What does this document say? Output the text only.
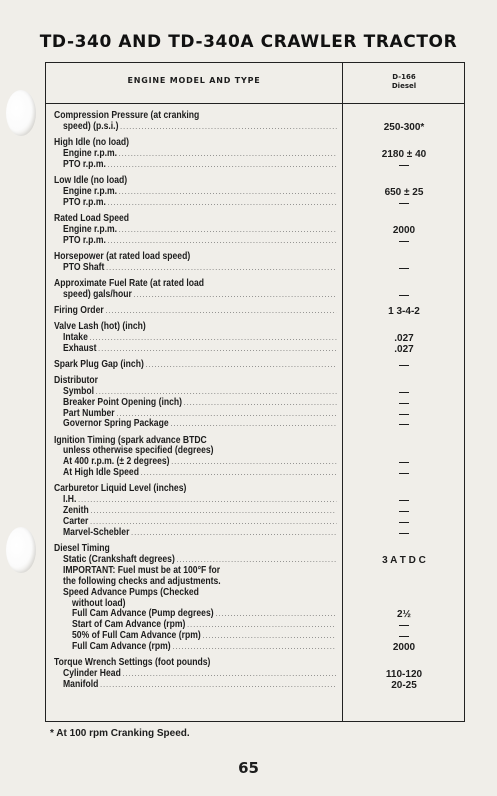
TD-340 AND TD-340A CRAWLER TRACTOR
ENGINE MODEL AND TYPE	D-166
Diesel
Compression Pressure (at cranking
speed) (p.s.i.) .....	250-300*
High Idle (no load)
Engine r.p.m. .....	2180 ± 40
PTO r.p.m. .....	—
Low Idle (no load)
Engine r.p.m. .....	650 ± 25
PTO r.p.m. .....	—
Rated Load Speed
Engine r.p.m. .....	2000
PTO r.p.m. .....	—
Horsepower (at rated load speed)
PTO Shaft .....	—
Approximate Fuel Rate (at rated load
speed) gals/hour .....	—
Firing Order .....	1 3-4-2
Valve Lash (hot) (inch)
Intake .....	.027
Exhaust .....	.027
Spark Plug Gap (inch) .....	—
Distributor
Symbol .....	—
Breaker Point Opening (inch) .....	—
Part Number .....	—
Governor Spring Package .....	—
Ignition Timing (spark advance BTDC
unless otherwise specified (degrees)
At 400 r.p.m. (± 2 degrees) .....	—
At High Idle Speed .....	—
Carburetor Liquid Level (inches)
I.H. .....	—
Zenith .....	—
Carter .....	—
Marvel-Schebler .....	—
Diesel Timing
Static (Crankshaft degrees) .....	3 A T D C
IMPORTANT: Fuel must be at 100°F for
the following checks and adjustments.
Speed Advance Pumps (Checked
without load)
Full Cam Advance (Pump degrees) .....	2½
Start of Cam Advance (rpm) .....	—
50% of Full Cam Advance (rpm) .....	—
Full Cam Advance (rpm) .....	2000
Torque Wrench Settings (foot pounds)
Cylinder Head .....	110-120
Manifold .....	20-25
* At 100 rpm Cranking Speed.
65
